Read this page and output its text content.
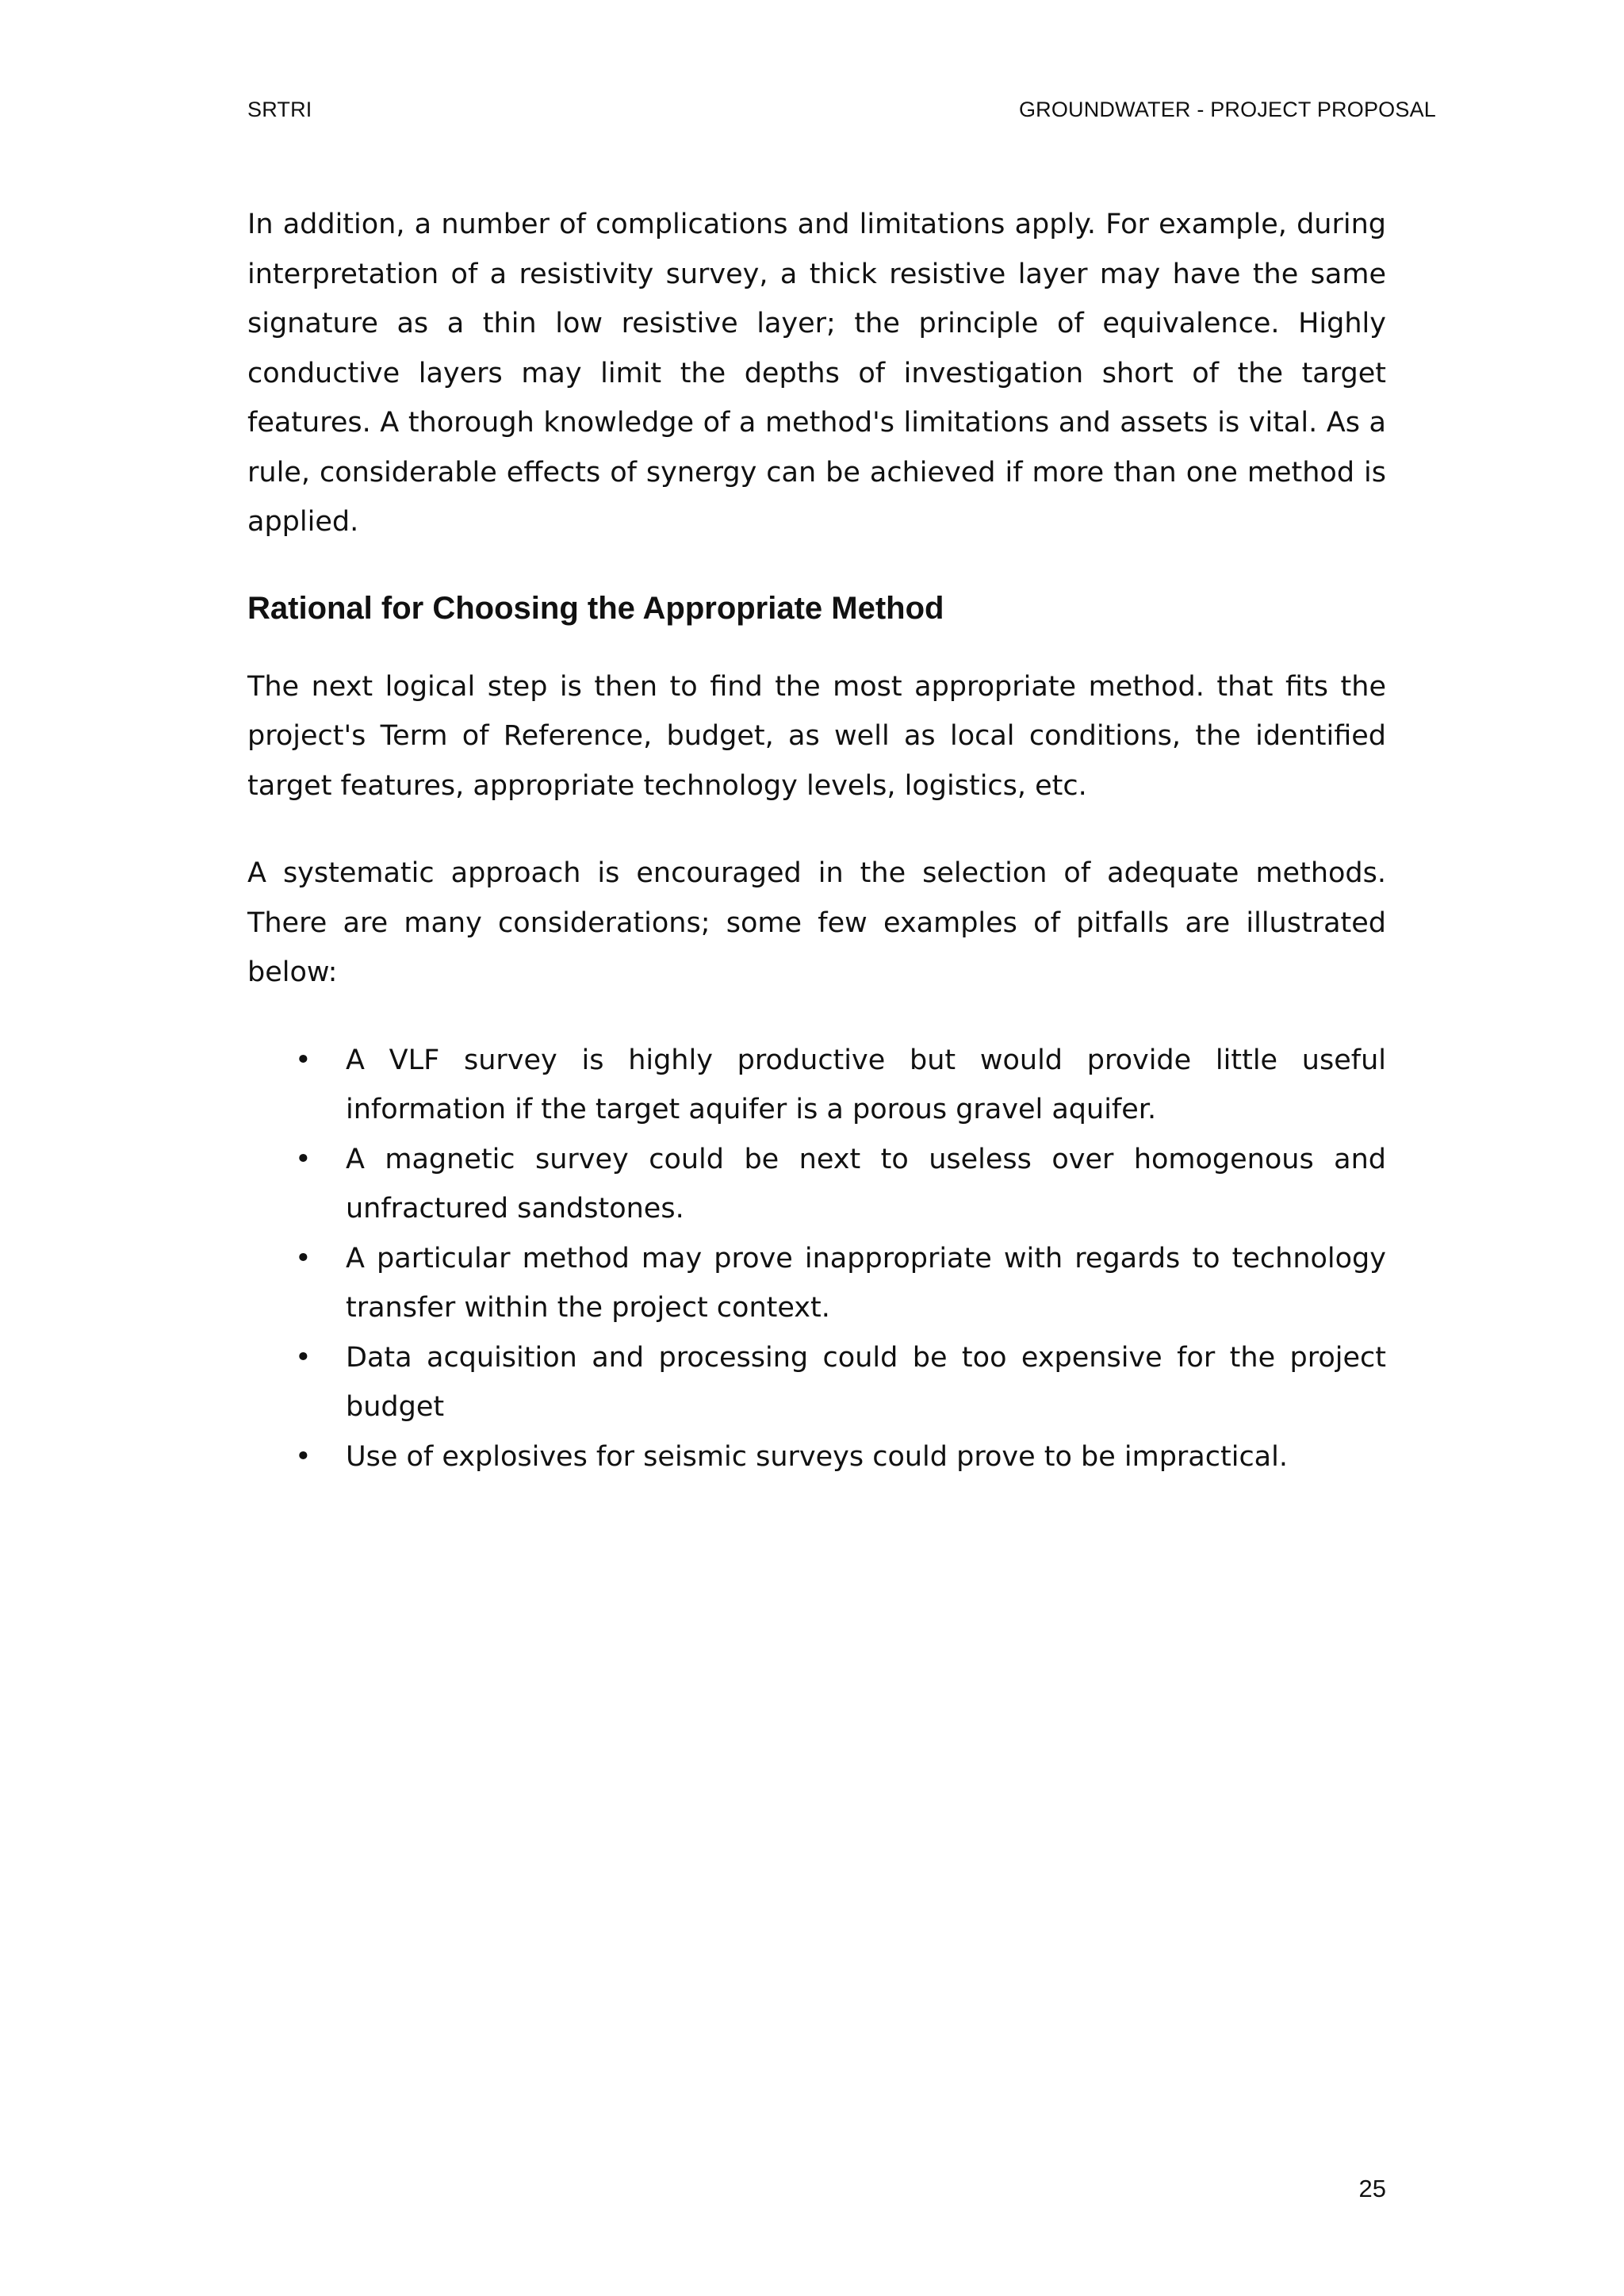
SRTRI	GROUNDWATER - PROJECT PROPOSAL

In addition, a number of complications and limitations apply. For example, during interpretation of a resistivity survey, a thick resistive layer may have the same signature as a thin low resistive layer; the principle of equivalence. Highly conductive layers may limit the depths of investigation short of the target features. A thorough knowledge of a method's limitations and assets is vital. As a rule, considerable effects of synergy can be achieved if more than one method is applied.

Rational for Choosing the Appropriate Method

The next logical step is then to find the most appropriate method. that fits the project's Term of Reference, budget, as well as local conditions, the identified target features, appropriate technology levels, logistics, etc.

A systematic approach is encouraged in the selection of adequate methods. There are many considerations; some few examples of pitfalls are illustrated below:

• A VLF survey is highly productive but would provide little useful information if the target aquifer is a porous gravel aquifer.
• A magnetic survey could be next to useless over homogenous and unfractured sandstones.
• A particular method may prove inappropriate with regards to technology transfer within the project context.
• Data acquisition and processing could be too expensive for the project budget
• Use of explosives for seismic surveys could prove to be impractical.
25
